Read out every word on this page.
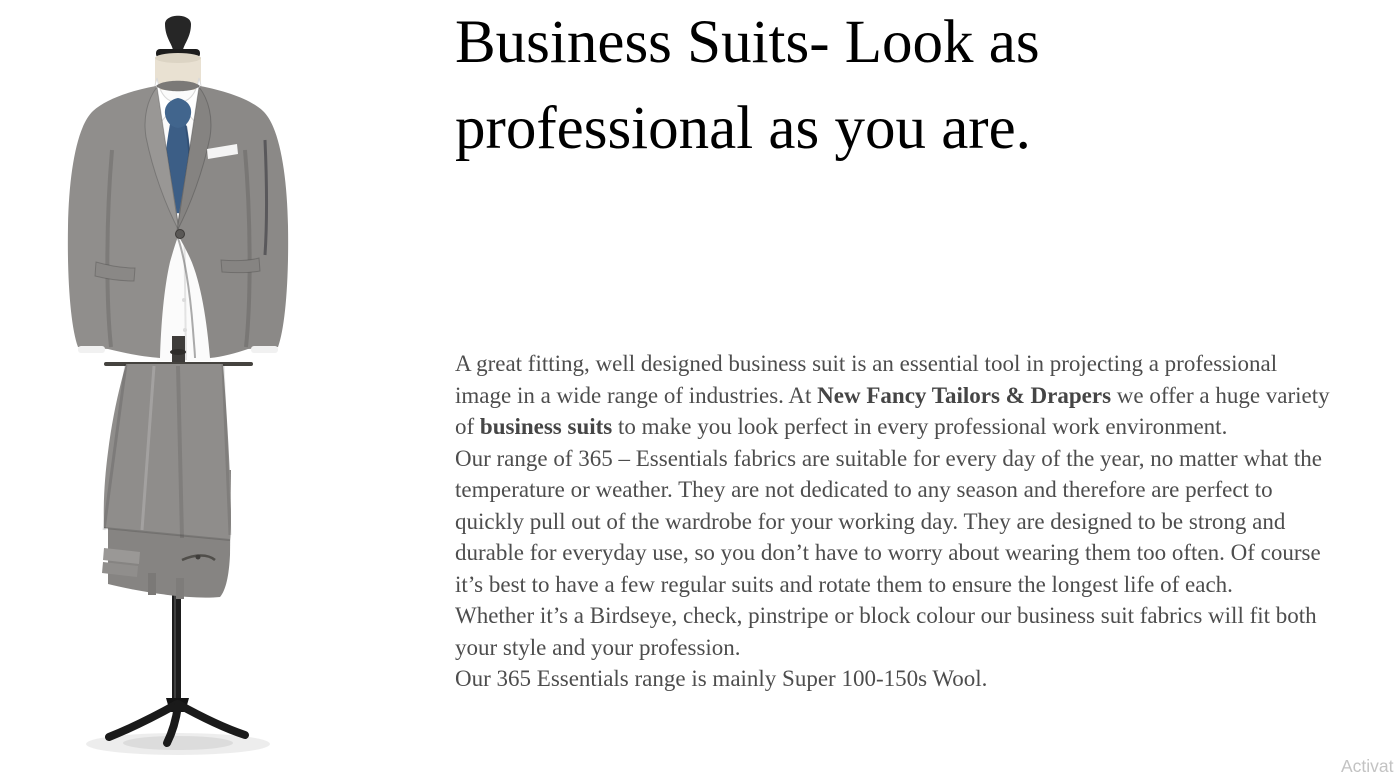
Business Suits- Look as professional as you are.

A great fitting, well designed business suit is an essential tool in projecting a professional image in a wide range of industries. At New Fancy Tailors & Drapers we offer a huge variety of business suits to make you look perfect in every professional work environment.

Our range of 365 – Essentials fabrics are suitable for every day of the year, no matter what the temperature or weather. They are not dedicated to any season and therefore are perfect to quickly pull out of the wardrobe for your working day. They are designed to be strong and durable for everyday use, so you don’t have to worry about wearing them too often. Of course it’s best to have a few regular suits and rotate them to ensure the longest life of each.

Whether it’s a Birdseye, check, pinstripe or block colour our business suit fabrics will fit both your style and your profession.

Our 365 Essentials range is mainly Super 100-150s Wool.

Activat
